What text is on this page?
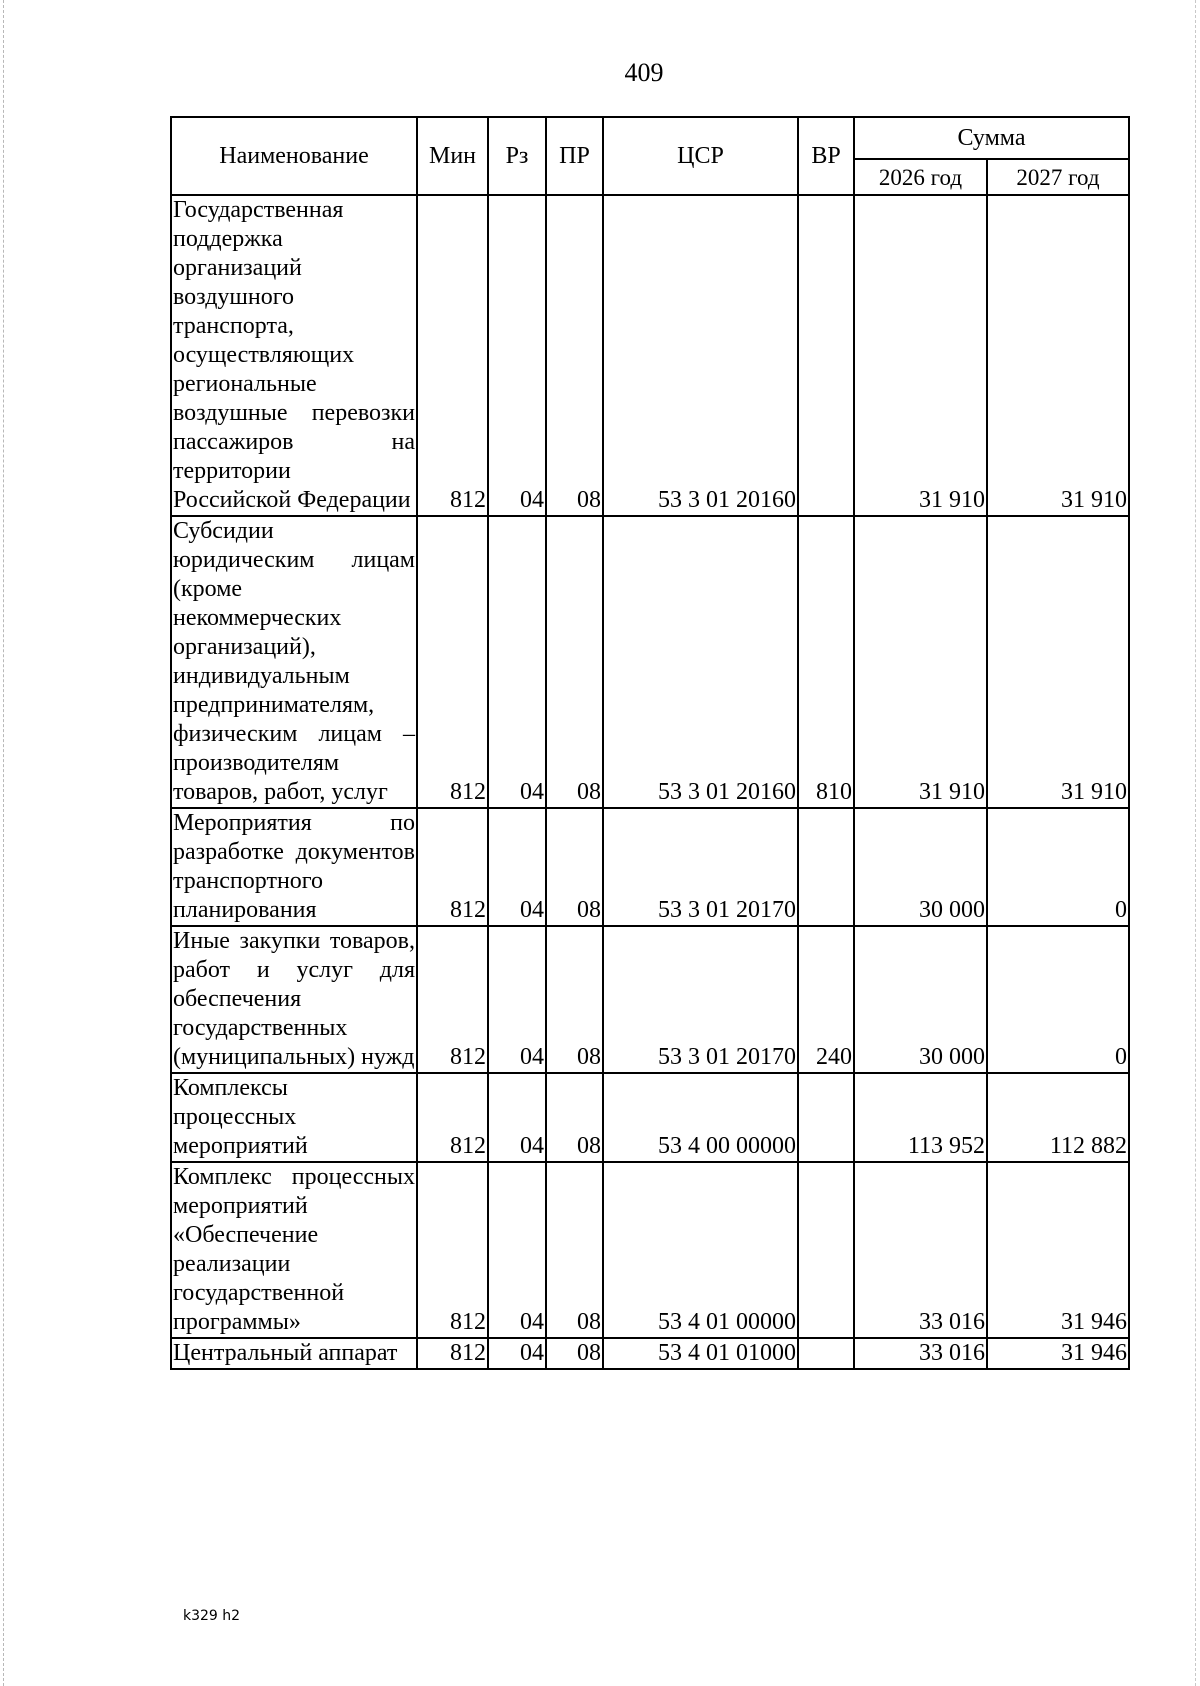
409
Наименование	Мин	Рз	ПР	ЦСР	ВР	Сумма	
						2026 год	2027 год
Государственная поддержка организаций воздушного транспорта, осуществляющих региональные воздушные перевозки пассажиров на территории Российской Федерации	812	04	08	53 3 01 20160		31 910	31 910
Субсидии юридическим лицам (кроме некоммерческих организаций), индивидуальным предпринимателям, физическим лицам – производителям товаров, работ, услуг	812	04	08	53 3 01 20160	810	31 910	31 910
Мероприятия по разработке документов транспортного планирования	812	04	08	53 3 01 20170		30 000	0
Иные закупки товаров, работ и услуг для обеспечения государственных (муниципальных) нужд	812	04	08	53 3 01 20170	240	30 000	0
Комплексы процессных мероприятий	812	04	08	53 4 00 00000		113 952	112 882
Комплекс процессных мероприятий «Обеспечение реализации государственной программы»	812	04	08	53 4 01 00000		33 016	31 946
Центральный аппарат	812	04	08	53 4 01 01000		33 016	31 946
k329 h2
